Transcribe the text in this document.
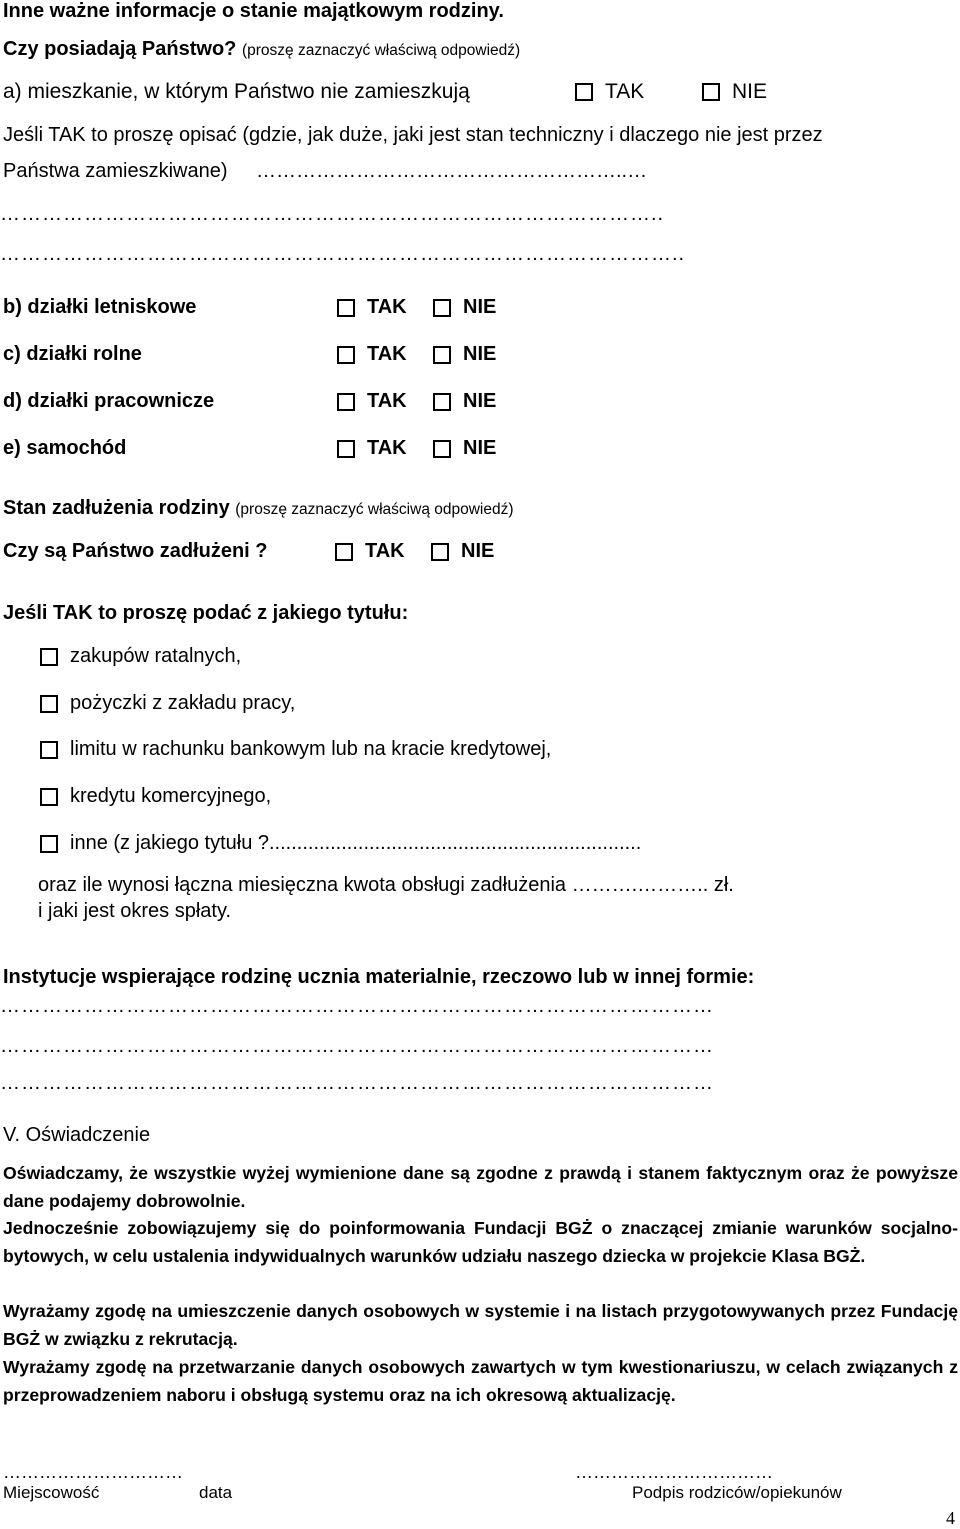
Inne ważne informacje o stanie majątkowym rodziny.
Czy posiadają Państwo? (proszę zaznaczyć właściwą odpowiedź)
a) mieszkanie, w którym Państwo nie zamieszkują	TAK	NIE
Jeśli TAK to proszę opisać (gdzie, jak duże, jaki jest stan techniczny i dlaczego nie jest przez
Państwa zamieszkiwane) ………………………………………………..…
…………………………………………………………………………………..
……………………………………………………………………………………..
b) działki letniskowe	TAK	NIE
c) działki rolne	TAK	NIE
d) działki pracownicze	TAK	NIE
e) samochód	TAK	NIE
Stan zadłużenia rodziny (proszę zaznaczyć właściwą odpowiedź)
Czy są Państwo zadłużeni ?	TAK	NIE
Jeśli TAK to proszę podać z jakiego tytułu:
zakupów ratalnych,
pożyczki z zakładu pracy,
limitu w rachunku bankowym lub na kracie kredytowej,
kredytu komercyjnego,
inne (z jakiego tytułu ?...................................................................
oraz ile wynosi łączna miesięczna kwota obsługi zadłużenia ……….……….. zł.
i jaki jest okres spłaty.
Instytucje wspierające rodzinę ucznia materialnie, rzeczowo lub w innej formie:
…………………………………………………………………………………………
…………………………………………………………………………………………
…………………………………………………………………………………………
V. Oświadczenie
Oświadczamy, że wszystkie wyżej wymienione dane są zgodne z prawdą i stanem faktycznym oraz że powyższe dane podajemy dobrowolnie.
Jednocześnie zobowiązujemy się do poinformowania Fundacji BGŻ o znaczącej zmianie warunków socjalno-bytowych, w celu ustalenia indywidualnych warunków udziału naszego dziecka w projekcie Klasa BGŻ.
Wyrażamy zgodę na umieszczenie danych osobowych w systemie i na listach przygotowywanych przez Fundację BGŻ w związku z rekrutacją.
Wyrażamy zgodę na przetwarzanie danych osobowych zawartych w tym kwestionariuszu, w celach związanych z przeprowadzeniem naboru i obsługą systemu oraz na ich okresową aktualizację.
…………………………	……………………………
Miejscowość	data	Podpis rodziców/opiekunów
4
